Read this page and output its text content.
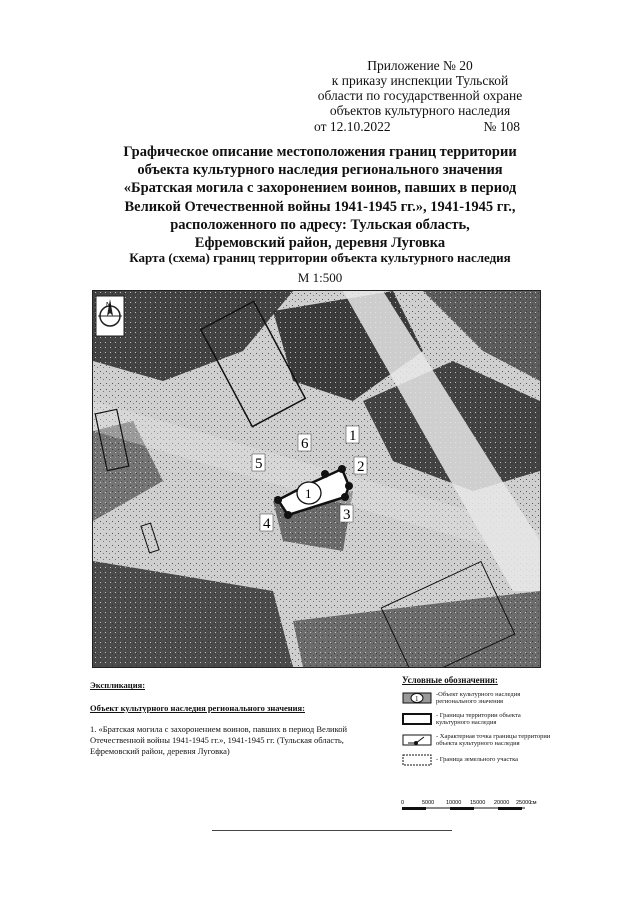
Приложение № 20
к приказу инспекции Тульской
области по государственной охране
объектов культурного наследия
от 12.10.2022	№ 108
Графическое описание местоположения границ территории
объекта культурного наследия регионального значения
«Братская могила с захоронением воинов, павших в период
Великой Отечественной войны 1941-1945 гг.», 1941-1945 гг.,
расположенного по адресу: Тульская область,
Ефремовский район, деревня Луговка
Карта (схема) границ территории объекта культурного наследия
М 1:500
N
1
1
2
3
4
5
6
Экспликация:
Объект культурного наследия регионального значения:
1. «Братская могила с захоронением воинов, павших в период Великой Отечественной войны 1941-1945 гг.», 1941-1945 гг. (Тульская область, Ефремовский район, деревня Луговка)
Условные обозначения:
1
-Объект культурного наследия регионального значения
- Границы территории объекта культурного наследия
- Характерная точка границы территории объекта культурного наследия
- Граница земельного участка
0	5000 10000 15000 20000 25000
см
